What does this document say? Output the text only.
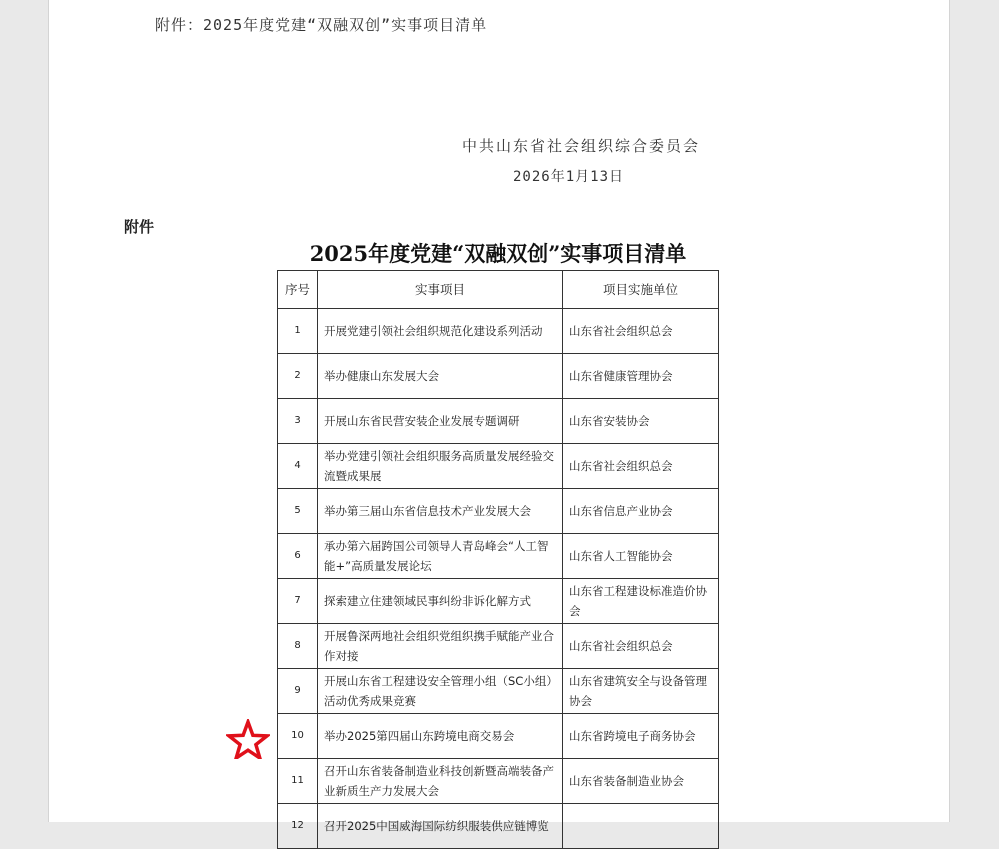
附件：2025年度党建“双融双创”实事项目清单
中共山东省社会组织综合委员会
2026年1月13日
附件
2025年度党建“双融双创”实事项目清单
序号	实事项目	项目实施单位
1	开展党建引领社会组织规范化建设系列活动	山东省社会组织总会
2	举办健康山东发展大会	山东省健康管理协会
3	开展山东省民营安装企业发展专题调研	山东省安装协会
4	举办党建引领社会组织服务高质量发展经验交流暨成果展	山东省社会组织总会
5	举办第三届山东省信息技术产业发展大会	山东省信息产业协会
6	承办第六届跨国公司领导人青岛峰会“人工智能+”高质量发展论坛	山东省人工智能协会
7	探索建立住建领域民事纠纷非诉化解方式	山东省工程建设标准造价协会
8	开展鲁深两地社会组织党组织携手赋能产业合作对接	山东省社会组织总会
9	开展山东省工程建设安全管理小组（SC小组）活动优秀成果竞赛	山东省建筑安全与设备管理协会
10	举办2025第四届山东跨境电商交易会	山东省跨境电子商务协会
11	召开山东省装备制造业科技创新暨高端装备产业新质生产力发展大会	山东省装备制造业协会
12	召开2025中国威海国际纺织服装供应链博览	
